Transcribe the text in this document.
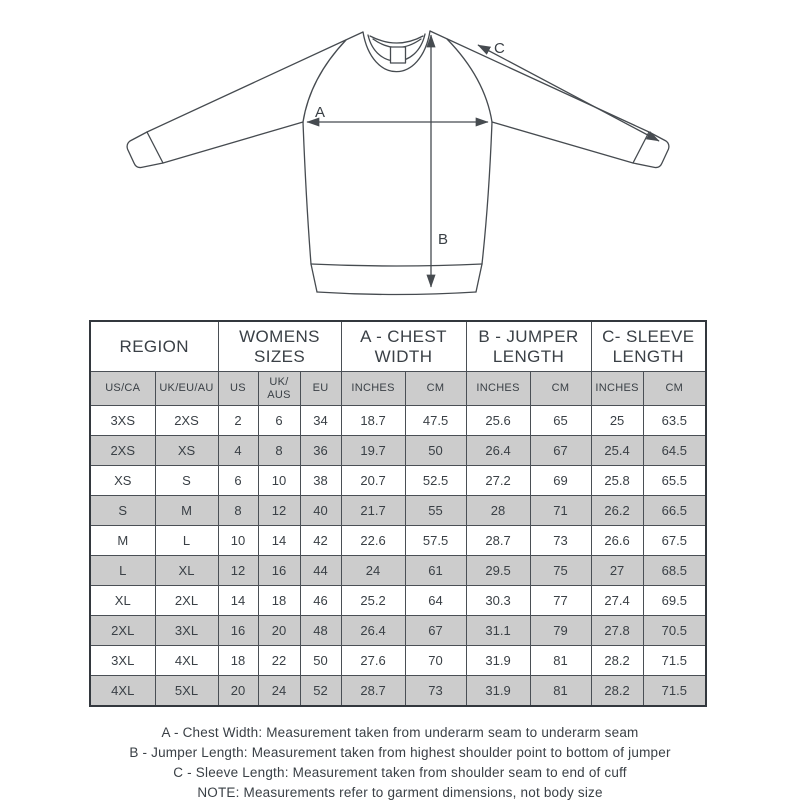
A
B
C
REGION		WOMENS SIZES			A - CHEST WIDTH		B - JUMPER LENGTH		C- SLEEVE LENGTH	
US/CA	UK/EU/AU	US	UK/AUS	EU	INCHES	CM	INCHES	CM	INCHES	CM
3XS	2XS	2	6	34	18.7	47.5	25.6	65	25	63.5
2XS	XS	4	8	36	19.7	50	26.4	67	25.4	64.5
XS	S	6	10	38	20.7	52.5	27.2	69	25.8	65.5
S	M	8	12	40	21.7	55	28	71	26.2	66.5
M	L	10	14	42	22.6	57.5	28.7	73	26.6	67.5
L	XL	12	16	44	24	61	29.5	75	27	68.5
XL	2XL	14	18	46	25.2	64	30.3	77	27.4	69.5
2XL	3XL	16	20	48	26.4	67	31.1	79	27.8	70.5
3XL	4XL	18	22	50	27.6	70	31.9	81	28.2	71.5
4XL	5XL	20	24	52	28.7	73	31.9	81	28.2	71.5

A - Chest Width: Measurement taken from underarm seam to underarm seam

B - Jumper Length: Measurement taken from highest shoulder point to bottom of jumper

C - Sleeve Length: Measurement taken from shoulder seam to end of cuff

NOTE: Measurements refer to garment dimensions, not body size
